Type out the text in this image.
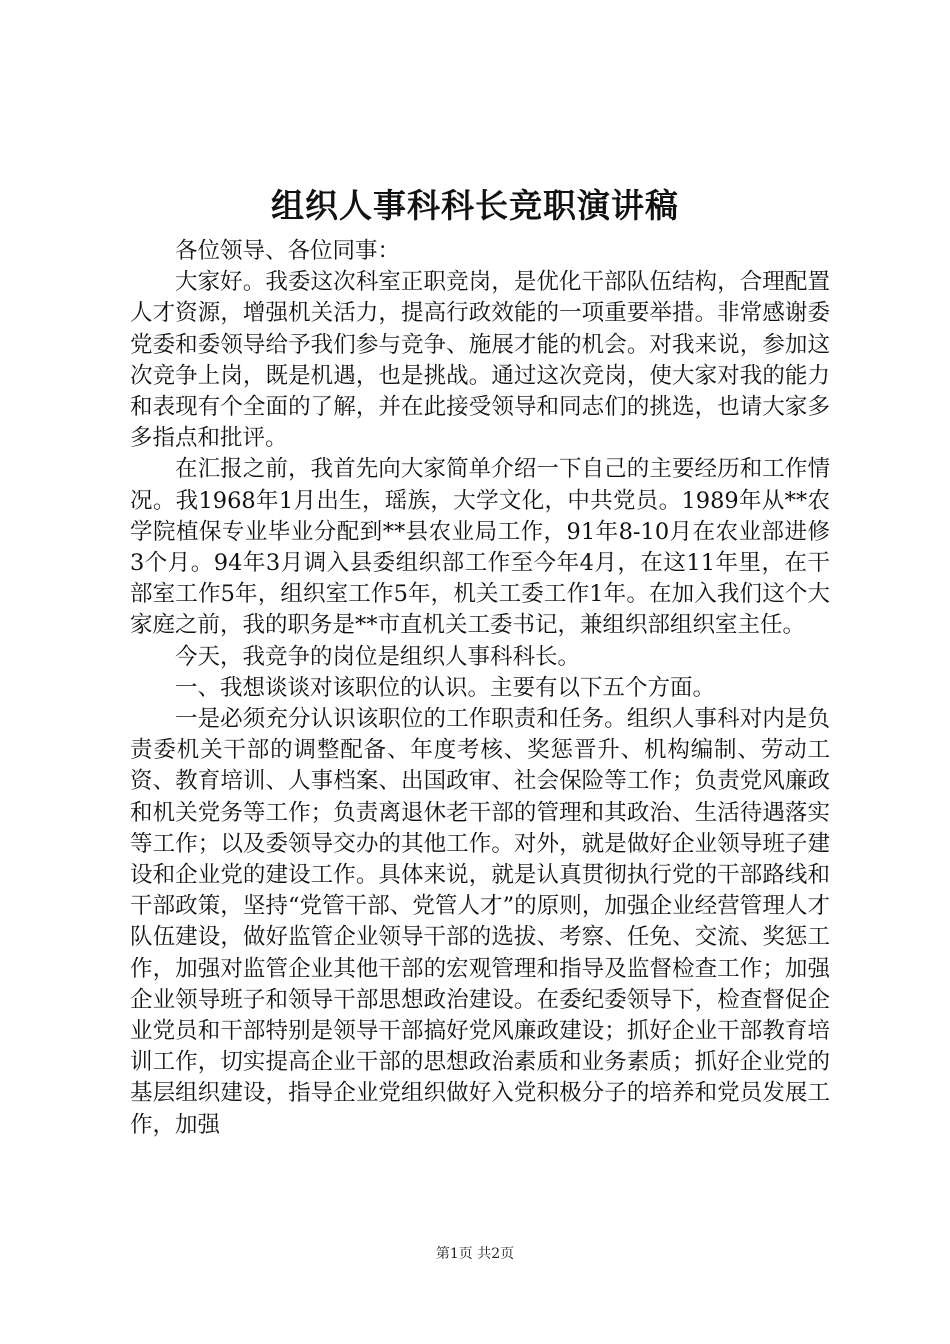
组织人事科科长竞职演讲稿

各位领导、各位同事：

大家好。我委这次科室正职竞岗，是优化干部队伍结构，合理配置人才资源，增强机关活力，提高行政效能的一项重要举措。非常感谢委党委和委领导给予我们参与竞争、施展才能的机会。对我来说，参加这次竞争上岗，既是机遇，也是挑战。通过这次竞岗，使大家对我的能力和表现有个全面的了解，并在此接受领导和同志们的挑选，也请大家多多指点和批评。

在汇报之前，我首先向大家简单介绍一下自己的主要经历和工作情况。我1968年1月出生，瑶族，大学文化，中共党员。1989年从**农学院植保专业毕业分配到**县农业局工作，91年8-10月在农业部进修3个月。94年3月调入县委组织部工作至今年4月，在这11年里，在干部室工作5年，组织室工作5年，机关工委工作1年。在加入我们这个大家庭之前，我的职务是**市直机关工委书记，兼组织部组织室主任。

今天，我竞争的岗位是组织人事科科长。

一、我想谈谈对该职位的认识。主要有以下五个方面。

一是必须充分认识该职位的工作职责和任务。组织人事科对内是负责委机关干部的调整配备、年度考核、奖惩晋升、机构编制、劳动工资、教育培训、人事档案、出国政审、社会保险等工作；负责党风廉政和机关党务等工作；负责离退休老干部的管理和其政治、生活待遇落实等工作；以及委领导交办的其他工作。对外，就是做好企业领导班子建设和企业党的建设工作。具体来说，就是认真贯彻执行党的干部路线和干部政策，坚持“党管干部、党管人才”的原则，加强企业经营管理人才队伍建设，做好监管企业领导干部的选拔、考察、任免、交流、奖惩工作，加强对监管企业其他干部的宏观管理和指导及监督检查工作；加强企业领导班子和领导干部思想政治建设。在委纪委领导下，检查督促企业党员和干部特别是领导干部搞好党风廉政建设；抓好企业干部教育培训工作，切实提高企业干部的思想政治素质和业务素质；抓好企业党的基层组织建设，指导企业党组织做好入党积极分子的培养和党员发展工作，加强

第1页 共2页
